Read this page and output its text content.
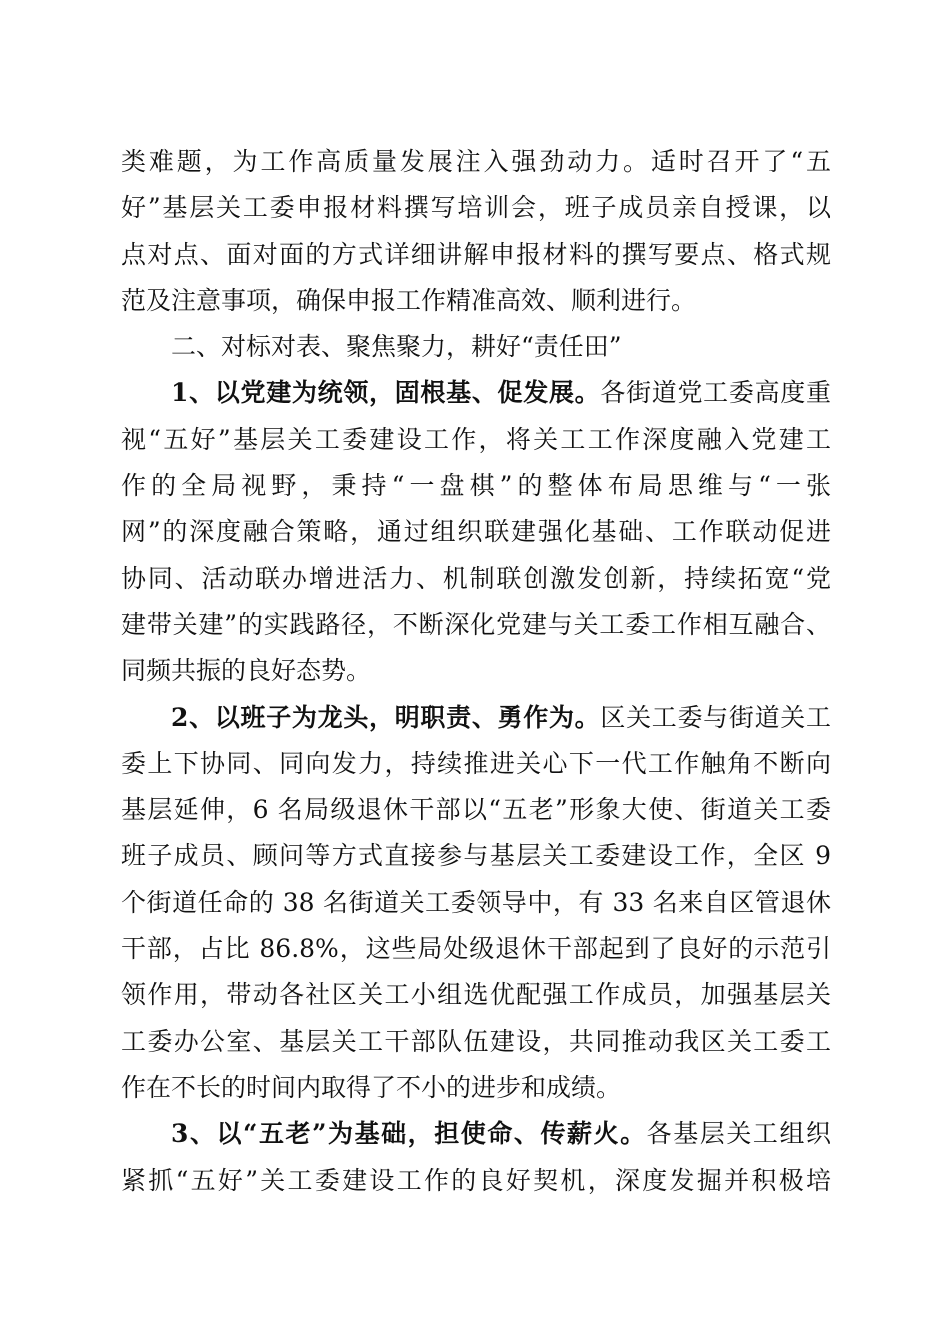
类难题，为工作高质量发展注入强劲动力。适时召开了“五
好”基层关工委申报材料撰写培训会，班子成员亲自授课，以
点对点、面对面的方式详细讲解申报材料的撰写要点、格式规
范及注意事项，确保申报工作精准高效、顺利进行。
二、对标对表、聚焦聚力，耕好“责任田”
1、以党建为统领，固根基、促发展。各街道党工委高度重
视“五好”基层关工委建设工作，将关工工作深度融入党建工
作的全局视野，秉持“一盘棋”的整体布局思维与“一张
网”的深度融合策略，通过组织联建强化基础、工作联动促进
协同、活动联办增进活力、机制联创激发创新，持续拓宽“党
建带关建”的实践路径，不断深化党建与关工委工作相互融合、
同频共振的良好态势。
2、以班子为龙头，明职责、勇作为。区关工委与街道关工
委上下协同、同向发力，持续推进关心下一代工作触角不断向
基层延伸，6 名局级退休干部以“五老”形象大使、街道关工委
班子成员、顾问等方式直接参与基层关工委建设工作，全区 9
个街道任命的 38 名街道关工委领导中，有 33 名来自区管退休
干部，占比 86.8%，这些局处级退休干部起到了良好的示范引
领作用，带动各社区关工小组选优配强工作成员，加强基层关
工委办公室、基层关工干部队伍建设，共同推动我区关工委工
作在不长的时间内取得了不小的进步和成绩。
3、以“五老”为基础，担使命、传薪火。各基层关工组织
紧抓“五好”关工委建设工作的良好契机，深度发掘并积极培
